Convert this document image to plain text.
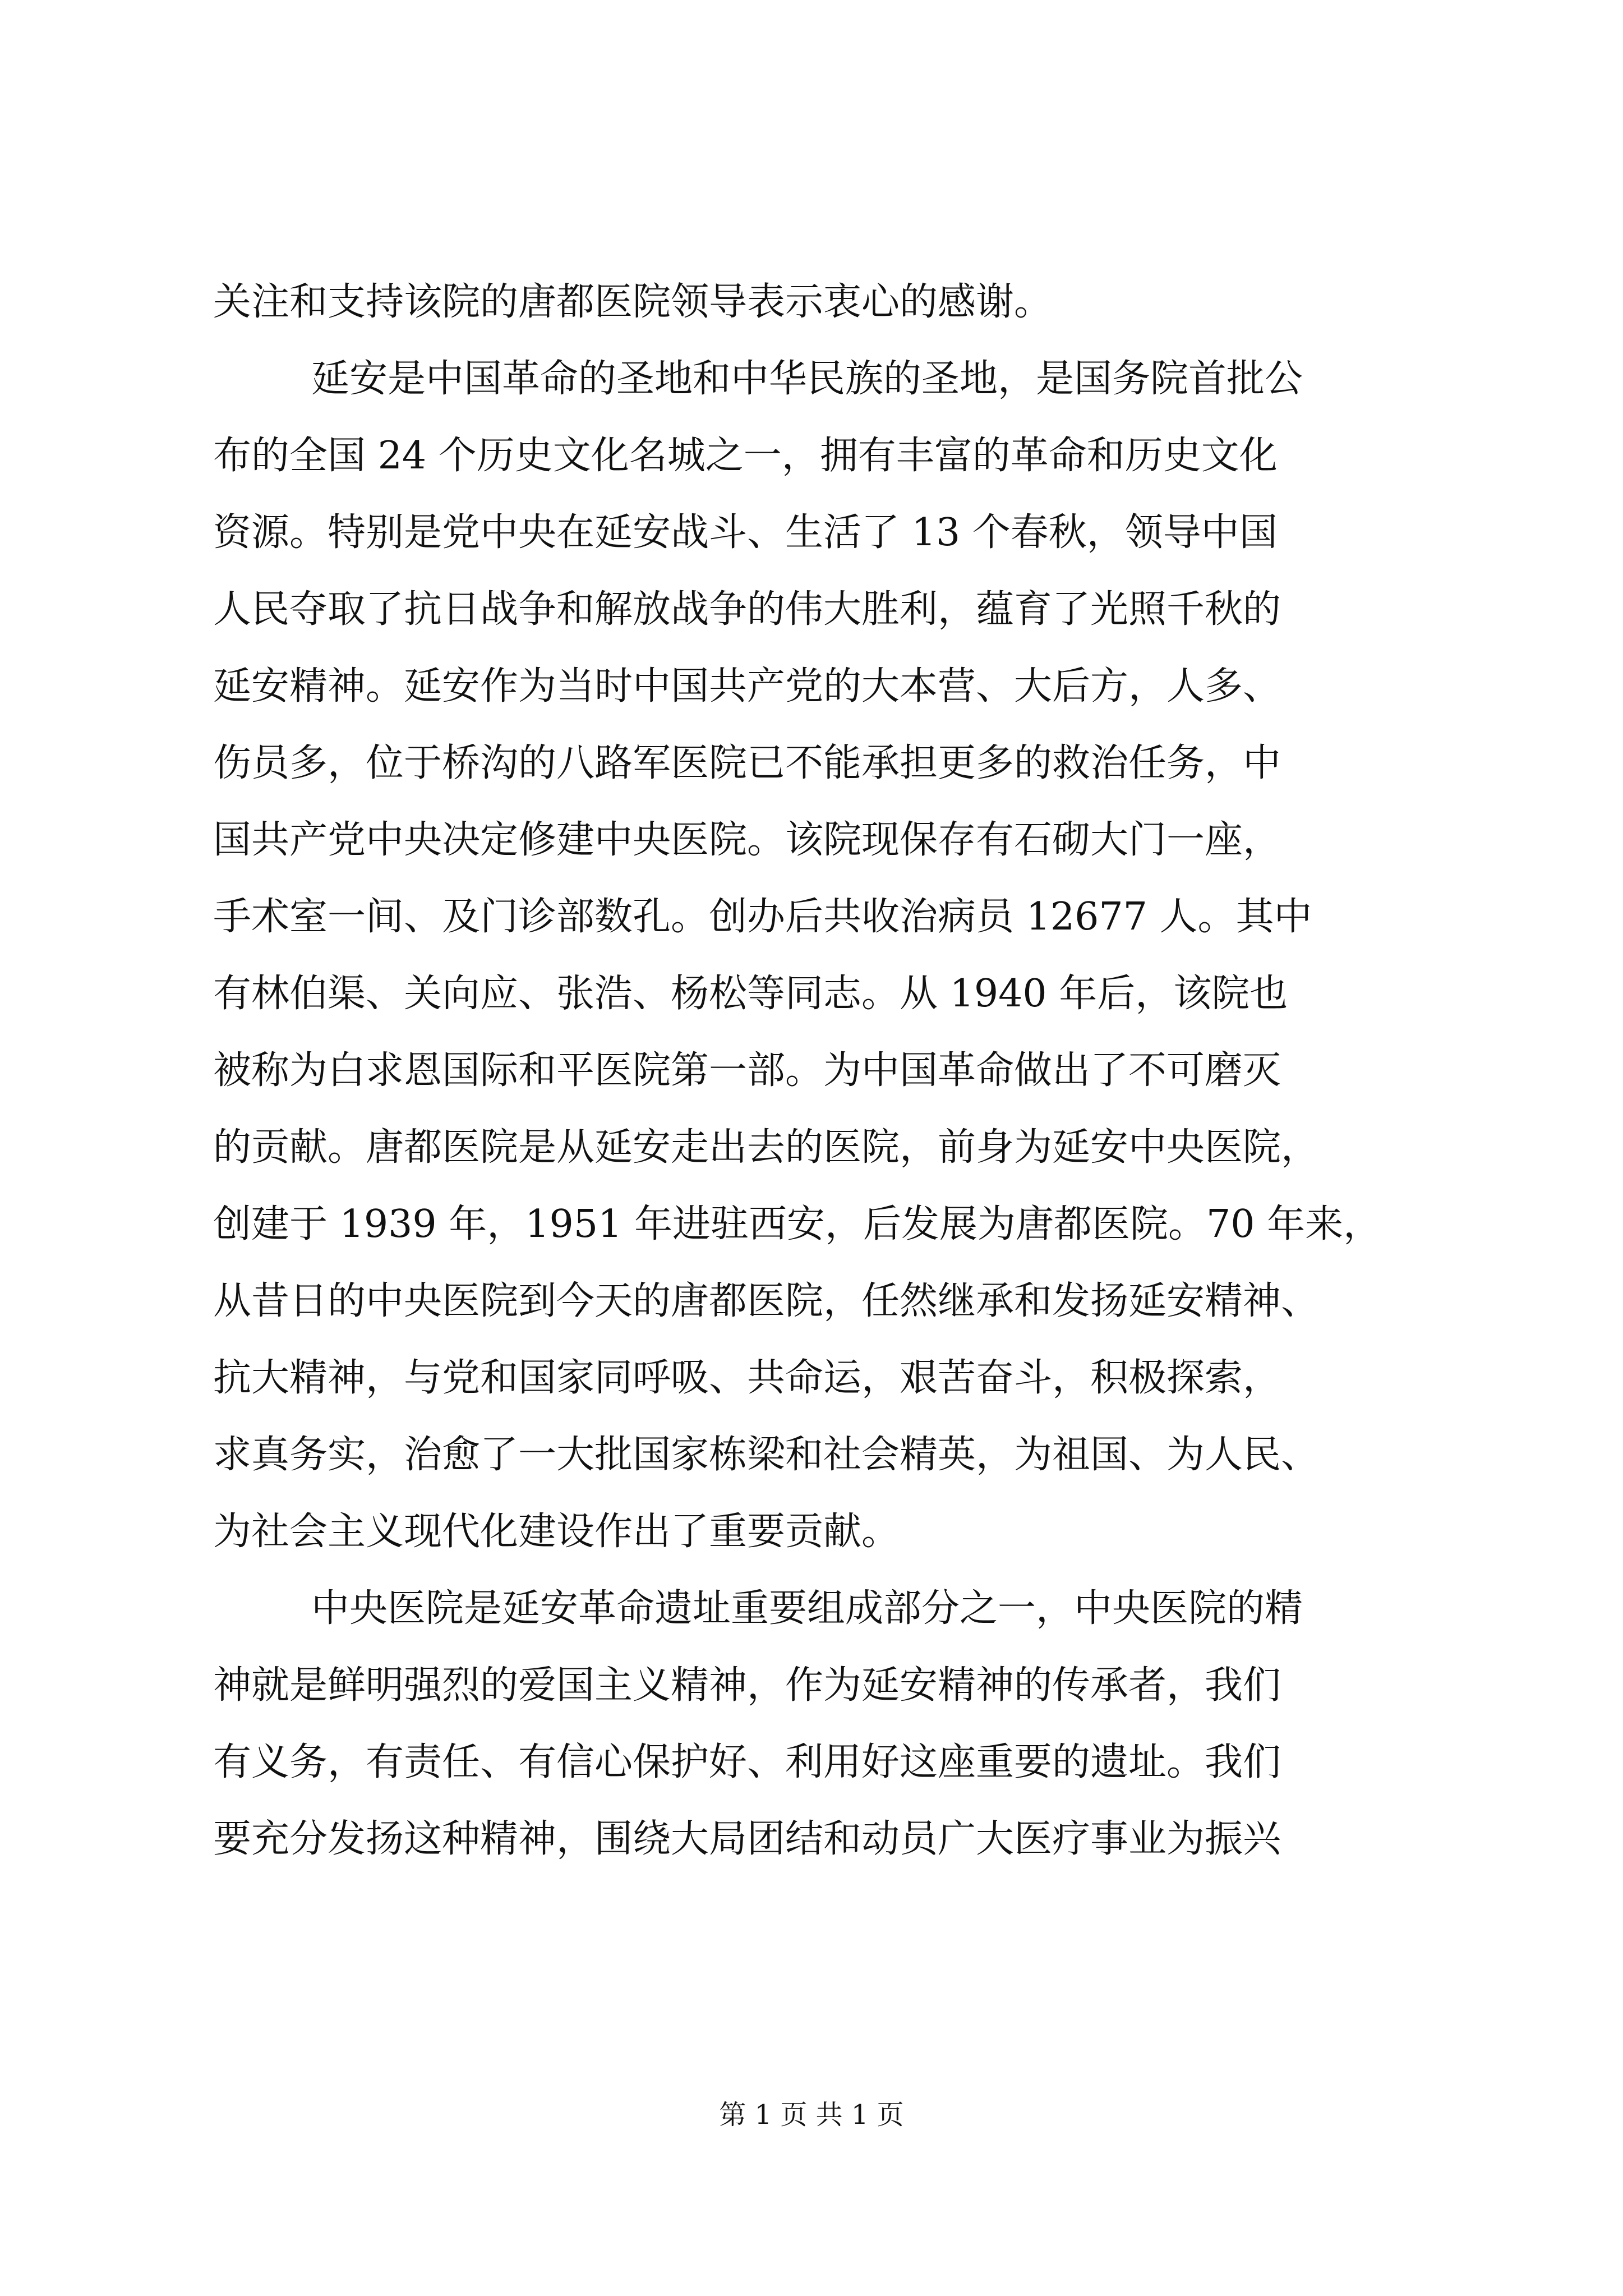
关注和支持该院的唐都医院领导表示衷心的感谢。
延安是中国革命的圣地和中华民族的圣地，是国务院首批公
布的全国 24 个历史文化名城之一，拥有丰富的革命和历史文化
资源。特别是党中央在延安战斗、生活了 13 个春秋，领导中国
人民夺取了抗日战争和解放战争的伟大胜利，蕴育了光照千秋的
延安精神。延安作为当时中国共产党的大本营、大后方，人多、
伤员多，位于桥沟的八路军医院已不能承担更多的救治任务，中
国共产党中央决定修建中央医院。该院现保存有石砌大门一座，
手术室一间、及门诊部数孔。创办后共收治病员 12677 人。其中
有林伯渠、关向应、张浩、杨松等同志。从 1940 年后，该院也
被称为白求恩国际和平医院第一部。为中国革命做出了不可磨灭
的贡献。唐都医院是从延安走出去的医院，前身为延安中央医院，
创建于 1939 年，1951 年进驻西安，后发展为唐都医院。70 年来，
从昔日的中央医院到今天的唐都医院，任然继承和发扬延安精神、
抗大精神，与党和国家同呼吸、共命运，艰苦奋斗，积极探索，
求真务实，治愈了一大批国家栋梁和社会精英，为祖国、为人民、
为社会主义现代化建设作出了重要贡献。
中央医院是延安革命遗址重要组成部分之一，中央医院的精
神就是鲜明强烈的爱国主义精神，作为延安精神的传承者，我们
有义务，有责任、有信心保护好、利用好这座重要的遗址。我们
要充分发扬这种精神，围绕大局团结和动员广大医疗事业为振兴
第 1 页 共 1 页
